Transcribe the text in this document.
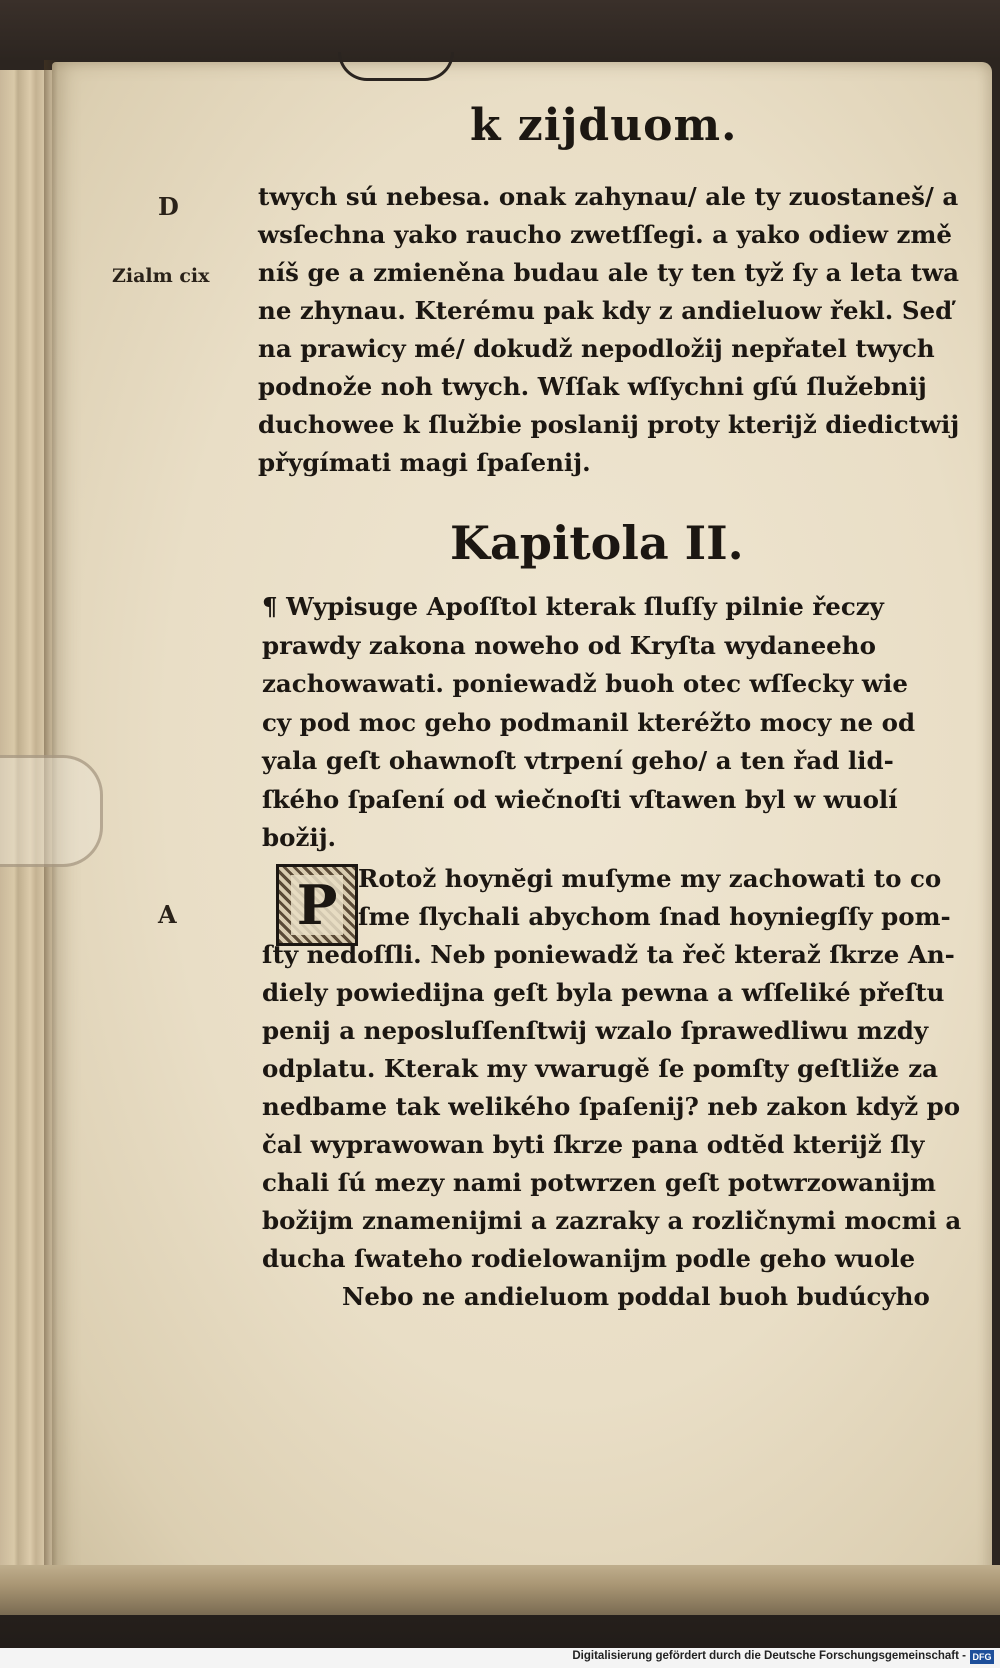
k zijduom.
D
Zialm cix
A
twych sú nebesa. onak zahynau/ ale ty zuostaneš/ a
wsſechna yako raucho zwetſſegi. a yako odiew změ
níš ge a zmieněna budau ale ty ten tyž ſy a leta twa
ne zhynau. Kterému pak kdy z andieluow řekl. Seď
na prawicy mé/ dokudž nepodložij nepřatel twych
podnože noh twych. Wſſak wſſychni gſú ſlužebnij
duchowee k ſlužbie poslanij proty kterijž diedictwij
přygímati magi ſpaſenij.
Kapitola II.
¶ Wypisuge Apoſſtol kterak ſluſſy pilnie řeczy
prawdy zakona noweho od Kryſta wydaneeho
zachowawati. poniewadž buoh otec wſſecky wie
cy pod moc geho podmanil kteréžto mocy ne od
yala geſt ohawnoſt vtrpení geho/ a ten řad lid-
ſkého ſpaſení od wiečnoſti vſtawen byl w wuolí
božij.
P Rotož hoynĕgi muſyme my zachowati to co
ſme ſlychali abychom ſnad hoyniegſſy pom-
ſty nedoſſli. Neb poniewadž ta řeč kteraž ſkrze An-
diely powiedijna geſt byla pewna a wſſeliké přeſtu
penij a neposluſſenſtwij wzalo ſprawedliwu mzdy
odplatu. Kterak my vwarugě ſe pomſty geſtliže za
nedbame tak welikého ſpaſenij? neb zakon když po
čal wyprawowan byti ſkrze pana odtĕd kterijž ſly
chali ſú mezy nami potwrzen geſt potwrzowanijm
božijm znamenijmi a zazraky a rozličnymi mocmi a
ducha ſwateho rodielowanijm podle geho wuole
Nebo ne andieluom poddal buoh budúcyho
Digitalisierung gefördert durch die Deutsche Forschungsgemeinschaft - DFG
